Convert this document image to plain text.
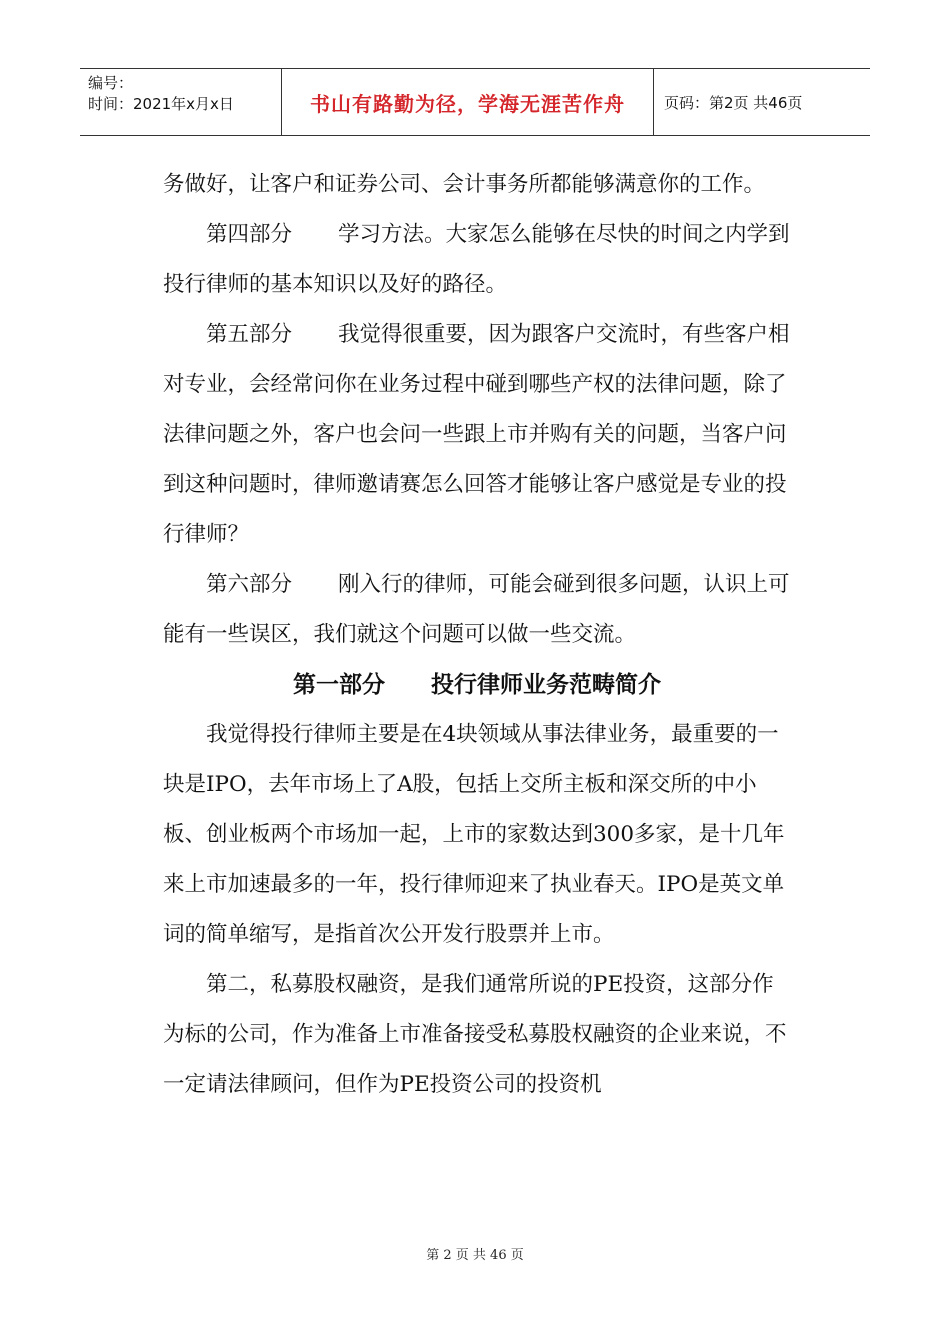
编号：
时间：2021年x月x日	书山有路勤为径，学海无涯苦作舟	页码：第2页 共46页

务做好，让客户和证券公司、会计事务所都能够满意你的工作。

第四部分 学习方法。大家怎么能够在尽快的时间之内学到投行律师的基本知识以及好的路径。

第五部分 我觉得很重要，因为跟客户交流时，有些客户相对专业，会经常问你在业务过程中碰到哪些产权的法律问题，除了法律问题之外，客户也会问一些跟上市并购有关的问题，当客户问到这种问题时，律师邀请赛怎么回答才能够让客户感觉是专业的投行律师？

第六部分 刚入行的律师，可能会碰到很多问题，认识上可能有一些误区，我们就这个问题可以做一些交流。

第一部分 投行律师业务范畴简介

我觉得投行律师主要是在4块领域从事法律业务，最重要的一块是IPO，去年市场上了A股，包括上交所主板和深交所的中小板、创业板两个市场加一起，上市的家数达到300多家，是十几年来上市加速最多的一年，投行律师迎来了执业春天。IPO是英文单词的简单缩写，是指首次公开发行股票并上市。

第二，私募股权融资，是我们通常所说的PE投资，这部分作为标的公司，作为准备上市准备接受私募股权融资的企业来说，不一定请法律顾问，但作为PE投资公司的投资机

第 2 页 共 46 页
